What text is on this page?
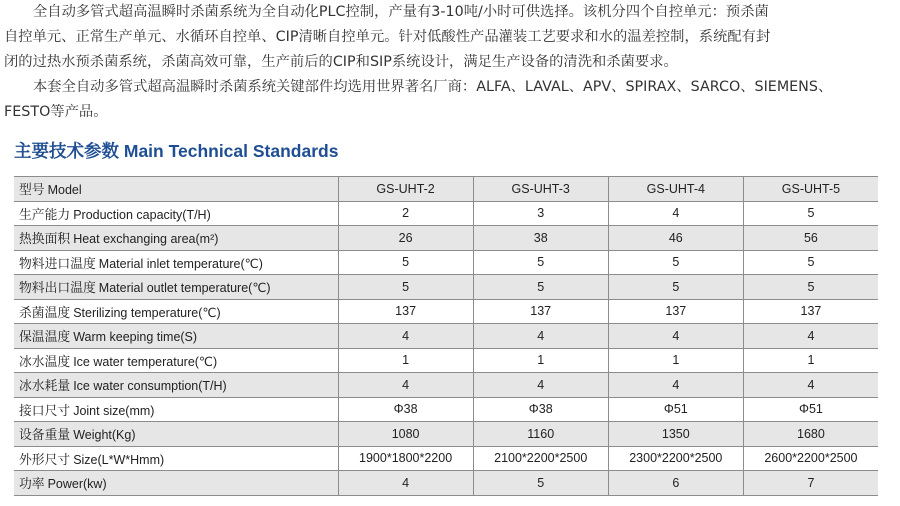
全自动多管式超高温瞬时杀菌系统为全自动化PLC控制，产量有3-10吨/小时可供选择。该机分四个自控单元：预杀菌
自控单元、正常生产单元、水循环自控单、CIP清晰自控单元。针对低酸性产品灌装工艺要求和水的温差控制，系统配有封
闭的过热水预杀菌系统，杀菌高效可靠，生产前后的CIP和SIP系统设计，满足生产设备的清洗和杀菌要求。
本套全自动多管式超高温瞬时杀菌系统关键部件均选用世界著名厂商：ALFA、LAVAL、APV、SPIRAX、SARCO、SIEMENS、
FESTO等产品。
主要技术参数 Main Technical Standards
型号 Model	GS-UHT-2	GS-UHT-3	GS-UHT-4	GS-UHT-5
生产能力 Production capacity(T/H)	2	3	4	5
热换面积 Heat exchanging area(m²)	26	38	46	56
物料进口温度 Material inlet temperature(℃)	5	5	5	5
物料出口温度 Material outlet temperature(℃)	5	5	5	5
杀菌温度 Sterilizing temperature(℃)	137	137	137	137
保温温度 Warm keeping time(S)	4	4	4	4
冰水温度 Ice water temperature(℃)	1	1	1	1
冰水耗量 Ice water consumption(T/H)	4	4	4	4
接口尺寸 Joint size(mm)	Φ38	Φ38	Φ51	Φ51
设备重量 Weight(Kg)	1080	1160	1350	1680
外形尺寸 Size(L*W*Hmm)	1900*1800*2200	2100*2200*2500	2300*2200*2500	2600*2200*2500
功率 Power(kw)	4	5	6	7
